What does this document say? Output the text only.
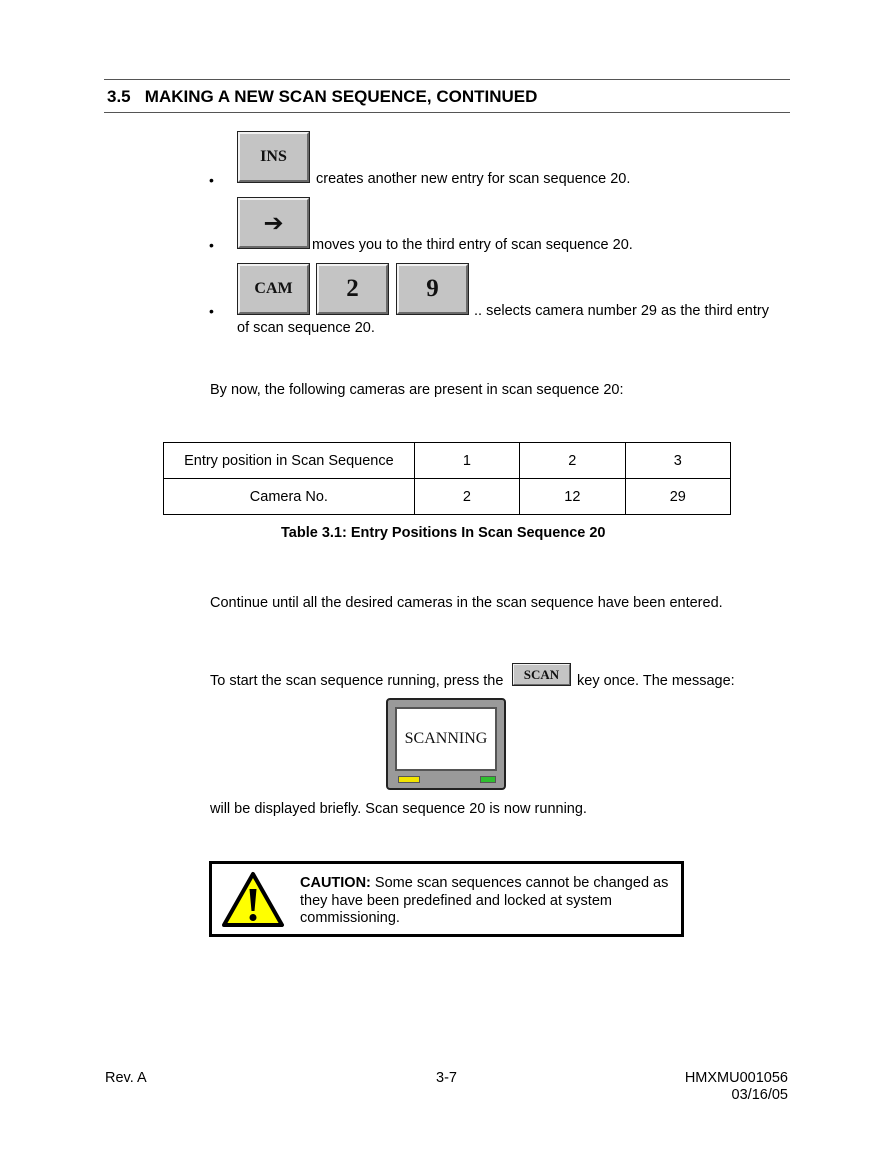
3.5   MAKING A NEW SCAN SEQUENCE, CONTINUED
•
INS
creates another new entry for scan sequence 20.
•
➔
moves you to the third entry of scan sequence 20.
•
CAM	2	9
.. selects camera number 29 as the third entry
of scan sequence 20.
By now, the following cameras are present in scan sequence 20:
Entry position in Scan Sequence	1	2	3
Camera No.	2	12	29
Table 3.1: Entry Positions In Scan Sequence 20
Continue until all the desired cameras in the scan sequence have been entered.
To start the scan sequence running, press the	SCAN	key once. The message:
SCANNING
will be displayed briefly. Scan sequence 20 is now running.
CAUTION: Some scan sequences cannot be changed as they have been predefined and locked at system commissioning.
Rev. A	3-7	HMXMU001056
03/16/05
